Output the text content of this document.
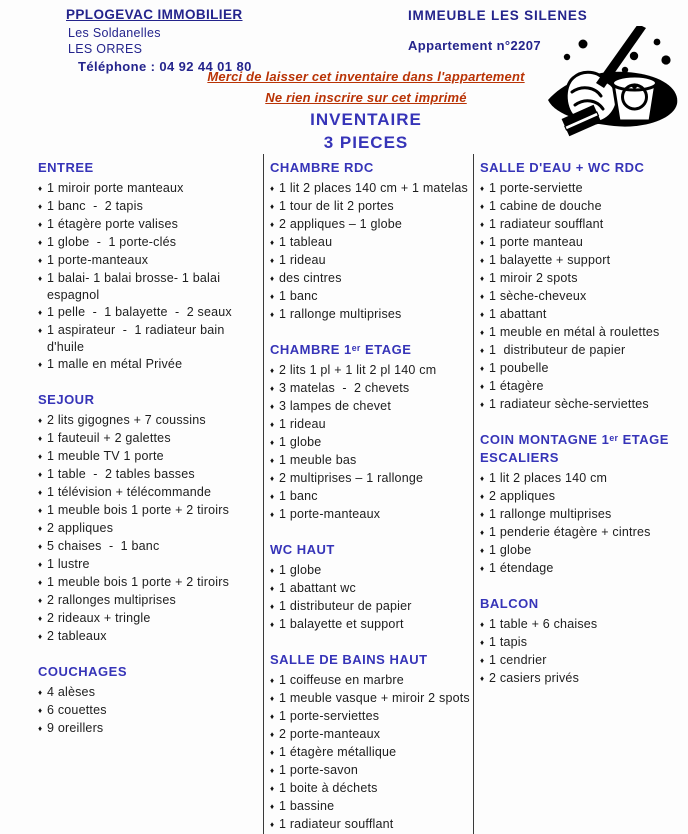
PPLOGEVAC IMMOBILIER
Les Soldanelles
LES ORRES
Téléphone : 04 92 44 01 80
IMMEUBLE LES SILENES
Appartement n°2207
Merci de laisser cet inventaire dans l'appartement
Ne rien inscrire sur cet imprimé
INVENTAIRE
3 PIECES
ENTREE
♦ 1 miroir porte manteaux
♦ 1 banc  -  2 tapis
♦ 1 étagère porte valises
♦ 1 globe  -  1 porte-clés
♦ 1 porte-manteaux
♦ 1 balai- 1 balai brosse- 1 balai espagnol
♦ 1 pelle  -  1 balayette  -  2 seaux
♦ 1 aspirateur  -  1 radiateur bain d'huile
♦ 1 malle en métal Privée
SEJOUR
♦ 2 lits gigognes + 7 coussins
♦ 1 fauteuil + 2 galettes
♦ 1 meuble TV 1 porte
♦ 1 table  -  2 tables basses
♦ 1 télévision + télécommande
♦ 1 meuble bois 1 porte + 2 tiroirs
♦ 2 appliques
♦ 5 chaises  -  1 banc
♦ 1 lustre
♦ 1 meuble bois 1 porte + 2 tiroirs
♦ 2 rallonges multiprises
♦ 2 rideaux + tringle
♦ 2 tableaux
COUCHAGES
♦ 4 alèses
♦ 6 couettes
♦ 9 oreillers
CHAMBRE RDC
♦ 1 lit 2 places 140 cm + 1 matelas
♦ 1 tour de lit 2 portes
♦ 2 appliques – 1 globe
♦ 1 tableau
♦ 1 rideau
♦ des cintres
♦ 1 banc
♦ 1 rallonge multiprises
CHAMBRE 1ᵉʳ ETAGE
♦ 2 lits 1 pl + 1 lit 2 pl 140 cm
♦ 3 matelas  -  2 chevets
♦ 3 lampes de chevet
♦ 1 rideau
♦ 1 globe
♦ 1 meuble bas
♦ 2 multiprises – 1 rallonge
♦ 1 banc
♦ 1 porte-manteaux
WC HAUT
♦ 1 globe
♦ 1 abattant wc
♦ 1 distributeur de papier
♦ 1 balayette et support
SALLE DE BAINS HAUT
♦ 1 coiffeuse en marbre
♦ 1 meuble vasque + miroir 2 spots
♦ 1 porte-serviettes
♦ 2 porte-manteaux
♦ 1 étagère métallique
♦ 1 porte-savon
♦ 1 boite à déchets
♦ 1 bassine
♦ 1 radiateur soufflant
SALLE D'EAU + WC RDC
♦ 1 porte-serviette
♦ 1 cabine de douche
♦ 1 radiateur soufflant
♦ 1 porte manteau
♦ 1 balayette + support
♦ 1 miroir 2 spots
♦ 1 sèche-cheveux
♦ 1 abattant
♦ 1 meuble en métal à roulettes
♦ 1  distributeur de papier
♦ 1 poubelle
♦ 1 étagère
♦ 1 radiateur sèche-serviettes
COIN MONTAGNE 1ᵉʳ ETAGE
ESCALIERS
♦ 1 lit 2 places 140 cm
♦ 2 appliques
♦ 1 rallonge multiprises
♦ 1 penderie étagère + cintres
♦ 1 globe
♦ 1 étendage
BALCON
♦ 1 table + 6 chaises
♦ 1 tapis
♦ 1 cendrier
♦ 2 casiers privés
